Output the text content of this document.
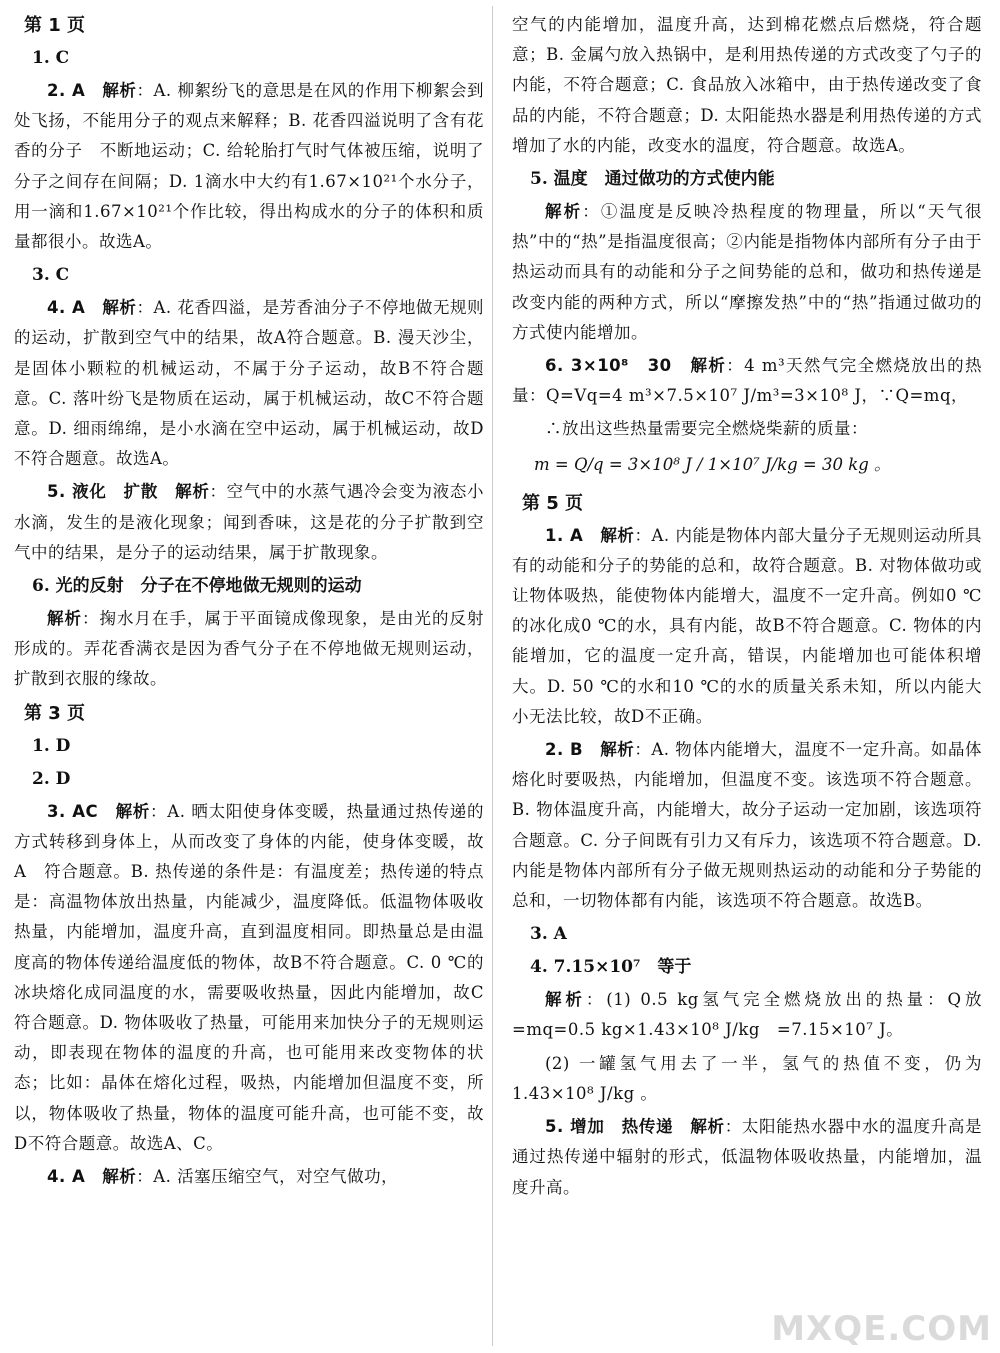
第 1 页
1. C

2. A　 解析：A. 柳絮纷飞的意思是在风的作用下柳絮会到处飞扬，不能用分子的观点来解释；B. 花香四溢说明了含有花香的分子　不断地运动；C. 给轮胎打气时气体被压缩，说明了分子之间存在间隔；D. 1滴水中大约有1.67×10²¹个水分子，用一滴和1.67×10²¹个作比较，得出构成水的分子的体积和质量都很小。故选A。

3. C

4. A　 解析：A. 花香四溢，是芳香油分子不停地做无规则的运动，扩散到空气中的结果，故A符合题意。B. 漫天沙尘，是固体小颗粒的机械运动，不属于分子运动，故B不符合题意。C. 落叶纷飞是物质在运动，属于机械运动，故C不符合题意。D. 细雨绵绵，是小水滴在空中运动，属于机械运动，故D不符合题意。故选A。

5. 液化　扩散　 解析：空气中的水蒸气遇冷会变为液态小水滴，发生的是液化现象；闻到香味，这是花的分子扩散到空气中的结果，是分子的运动结果，属于扩散现象。

6. 光的反射　分子在不停地做无规则的运动

解析：掬水月在手，属于平面镜成像现象，是由光的反射形成的。弄花香满衣是因为香气分子在不停地做无规则运动，扩散到衣服的缘故。

第 3 页
1. D
2. D

3. AC　 解析：A. 晒太阳使身体变暖，热量通过热传递的方式转移到身体上，从而改变了身体的内能，使身体变暖，故A　符合题意。B. 热传递的条件是：有温度差；热传递的特点是：高温物体放出热量，内能减少，温度降低。低温物体吸收热量，内能增加，温度升高，直到温度相同。即热量总是由温度高的物体传递给温度低的物体，故B不符合题意。C. 0 ℃的冰块熔化成同温度的水，需要吸收热量，因此内能增加，故C符合题意。D. 物体吸收了热量，可能用来加快分子的无规则运动，即表现在物体的温度的升高，也可能用来改变物体的状态；比如：晶体在熔化过程，吸热，内能增加但温度不变，所以，物体吸收了热量，物体的温度可能升高，也可能不变，故D不符合题意。故选A、C。

4. A　 解析：A. 活塞压缩空气，对空气做功，

空气的内能增加，温度升高，达到棉花燃点后燃烧，符合题意；B. 金属勺放入热锅中，是利用热传递的方式改变了勺子的内能，不符合题意；C. 食品放入冰箱中，由于热传递改变了食品的内能，不符合题意；D. 太阳能热水器是利用热传递的方式增加了水的内能，改变水的温度，符合题意。故选A。

5. 温度　通过做功的方式使内能

解析：①温度是反映冷热程度的物理量，所以“天气很热”中的“热”是指温度很高；②内能是指物体内部所有分子由于热运动而具有的动能和分子之间势能的总和，做功和热传递是改变内能的两种方式，所以“摩擦发热”中的“热”指通过做功的方式使内能增加。

6. 3×10⁸　30　 解析：4 m³天然气完全燃烧放出的热量：Q=Vq=4 m³×7.5×10⁷ J/m³=3×10⁸ J，∵Q=mq，

∴放出这些热量需要完全燃烧柴薪的质量：

m = Q/q = 3×10⁸ J / 1×10⁷ J/kg = 30 kg 。
第 5 页

1. A　 解析：A. 内能是物体内部大量分子无规则运动所具有的动能和分子的势能的总和，故符合题意。B. 对物体做功或让物体吸热，能使物体内能增大，温度不一定升高。例如0 ℃的冰化成0 ℃的水，具有内能，故B不符合题意。C. 物体的内能增加，它的温度一定升高，错误，内能增加也可能体积增大。D. 50 ℃的水和10 ℃的水的质量关系未知，所以内能大小无法比较，故D不正确。

2. B　 解析：A. 物体内能增大，温度不一定升高。如晶体熔化时要吸热，内能增加，但温度不变。该选项不符合题意。B. 物体温度升高，内能增大，故分子运动一定加剧，该选项符合题意。C. 分子间既有引力又有斥力，该选项不符合题意。D. 内能是物体内部所有分子做无规则热运动的动能和分子势能的总和，一切物体都有内能，该选项不符合题意。故选B。

3. A
4. 7.15×10⁷　等于

解析：(1) 0.5 kg氢气完全燃烧放出的热量：Q放=mq=0.5 kg×1.43×10⁸ J/kg　=7.15×10⁷ J。

(2) 一罐氢气用去了一半，氢气的热值不变，仍为1.43×10⁸ J/kg 。

5. 增加　热传递　 解析：太阳能热水器中水的温度升高是通过热传递中辐射的形式，低温物体吸收热量，内能增加，温度升高。

MXQE.COM
